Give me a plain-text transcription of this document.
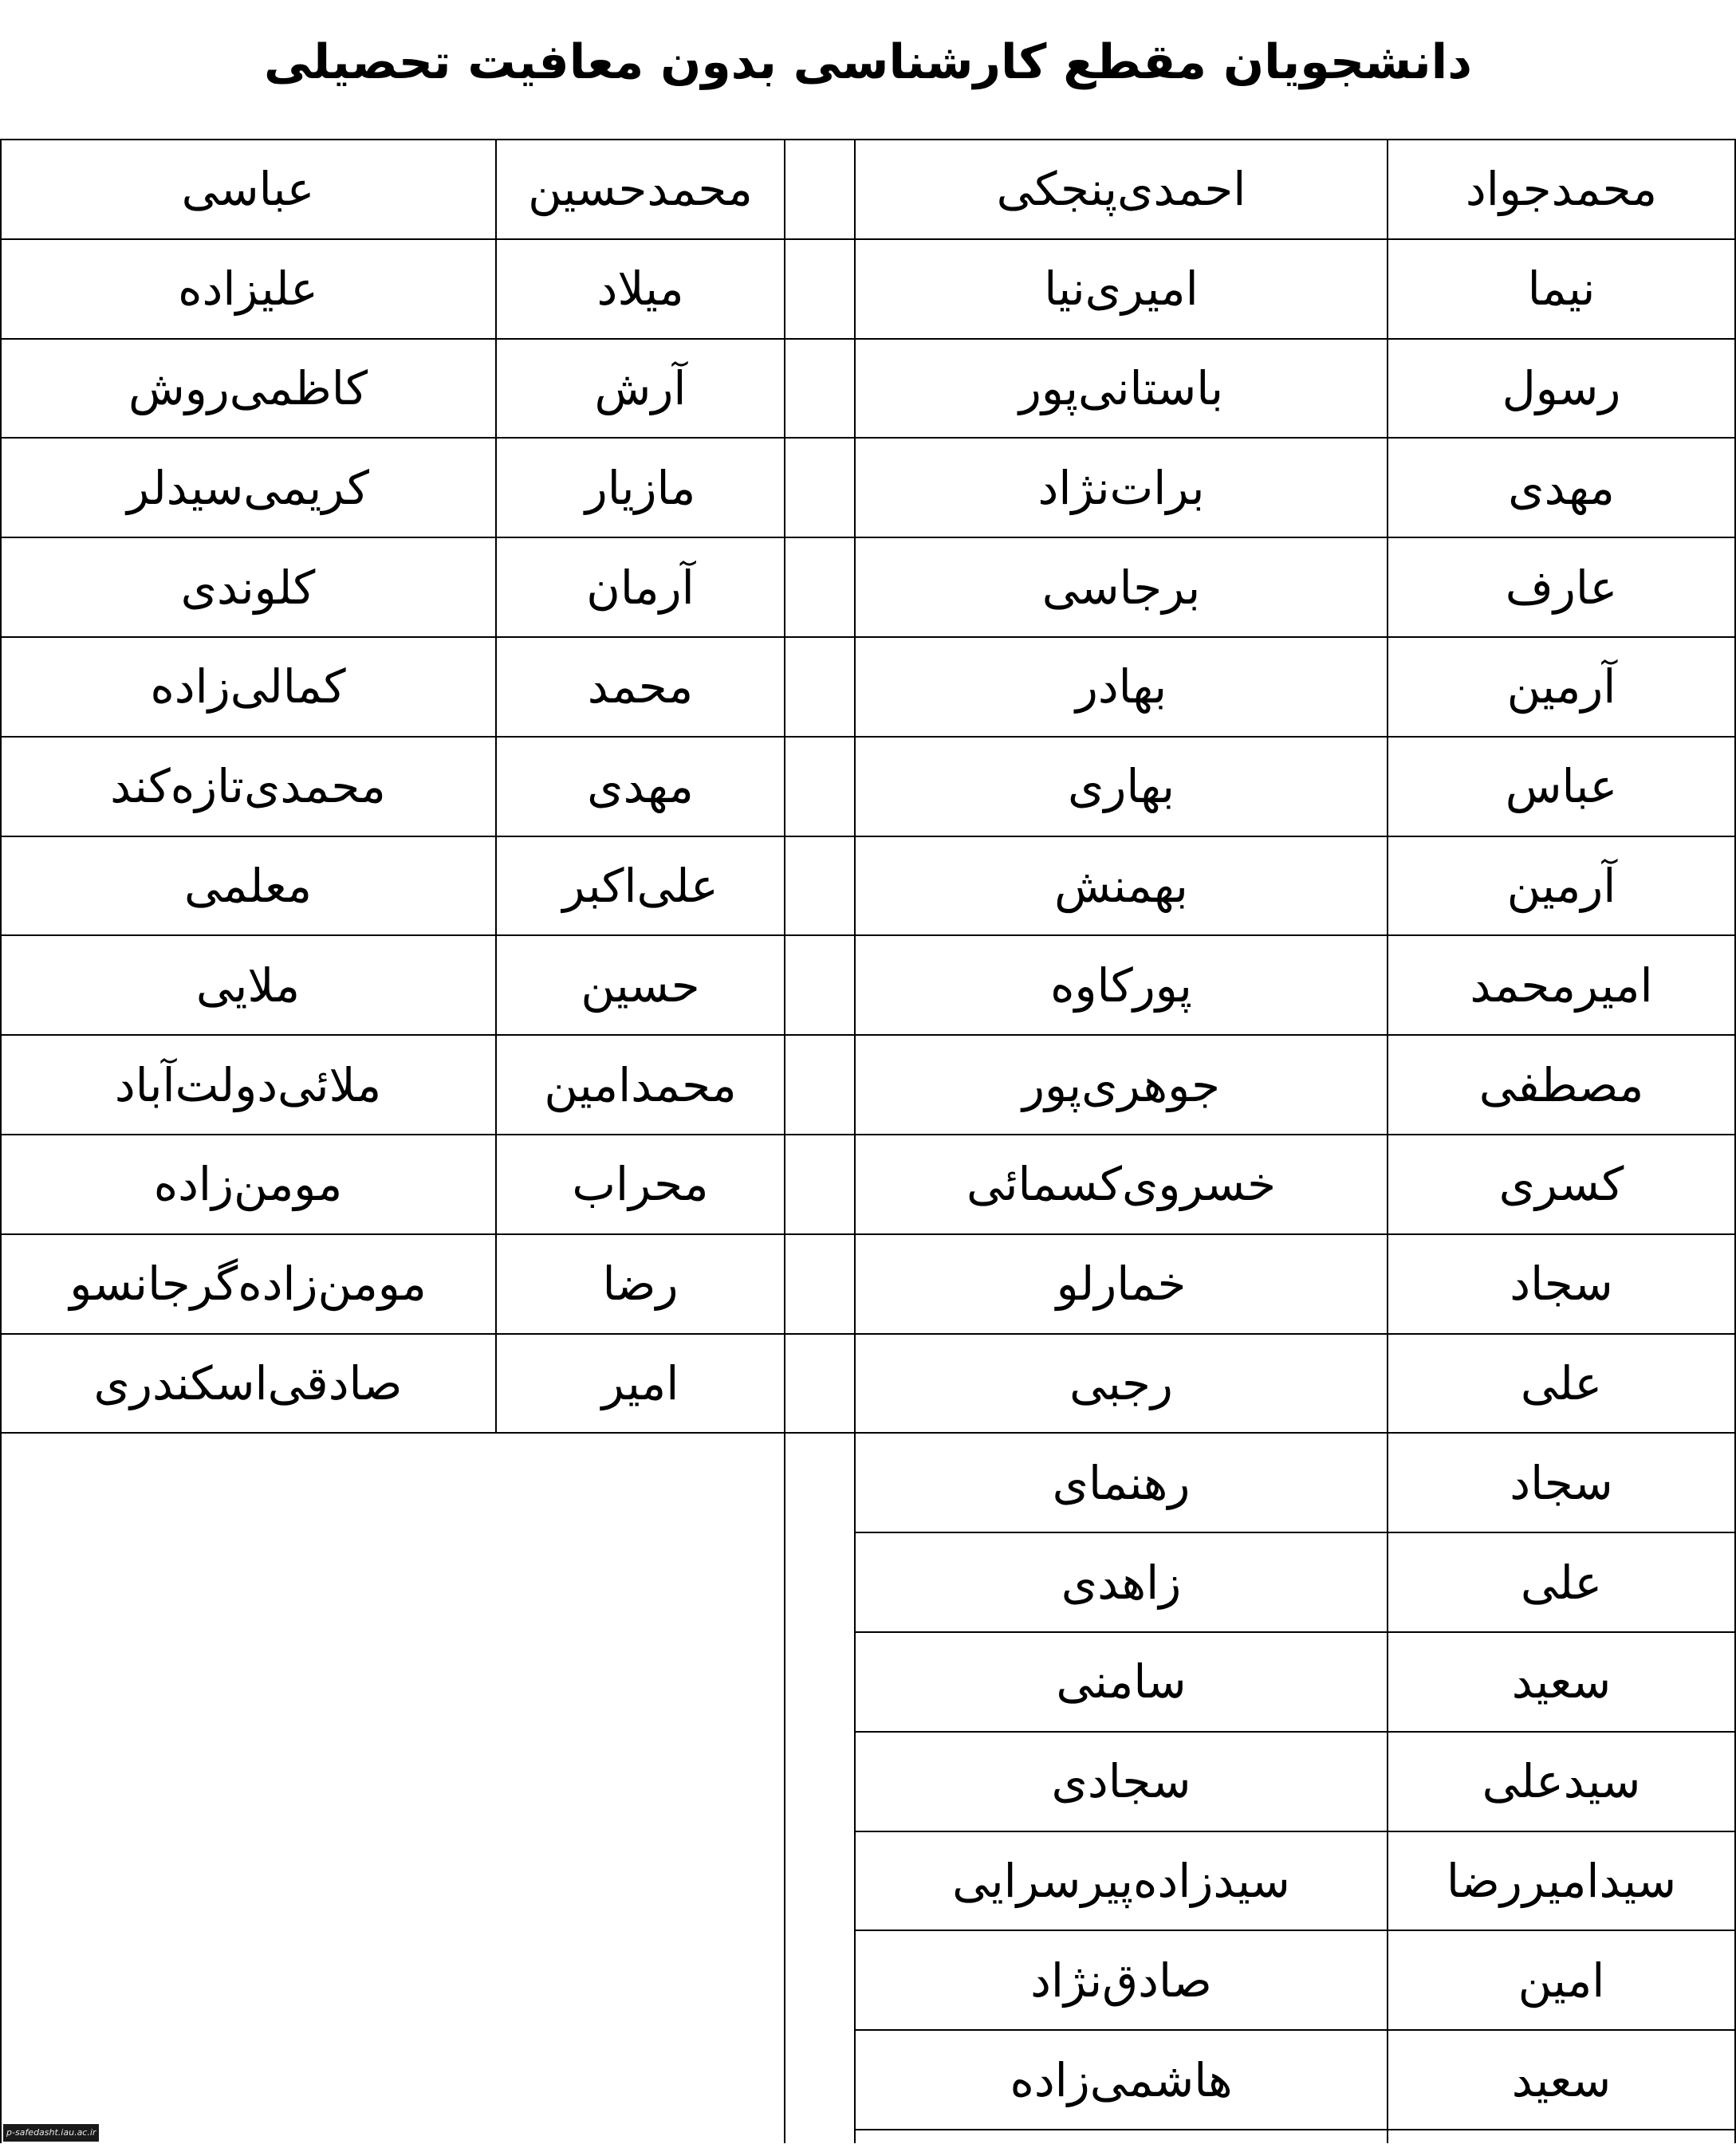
دانشجویان مقطع کارشناسی بدون معافیت تحصیلی
محمدحسین
عباسی
میلاد
علیزاده
آرش
کاظمی‌روش
مازیار
کریمی‌سیدلر
آرمان
کلوندی
محمد
کمالی‌زاده
مهدی
محمدی‌تازه‌کند
علی‌اکبر
معلمی
حسین
ملایی
محمدامین
ملائی‌دولت‌آباد
محراب
مومن‌زاده
رضا
مومن‌زاده‌گرجانسو
امیر
صادقی‌اسکندری
محمدجواد
احمدی‌پنجکی
نیما
امیری‌نیا
رسول
باستانی‌پور
مهدی
برات‌نژاد
عارف
برجاسی
آرمین
بهادر
عباس
بهاری
آرمین
بهمنش
امیرمحمد
پورکاوه
مصطفی
جوهری‌پور
کسری
خسروی‌کسمائی
سجاد
خمارلو
علی
رجبی
سجاد
رهنمای
علی
زاهدی
سعید
سامنی
سیدعلی
سجادی
سیدامیررضا
سیدزاده‌پیرسرایی
امین
صادق‌نژاد
سعید
هاشمی‌زاده
p-safedasht.iau.ac.ir
